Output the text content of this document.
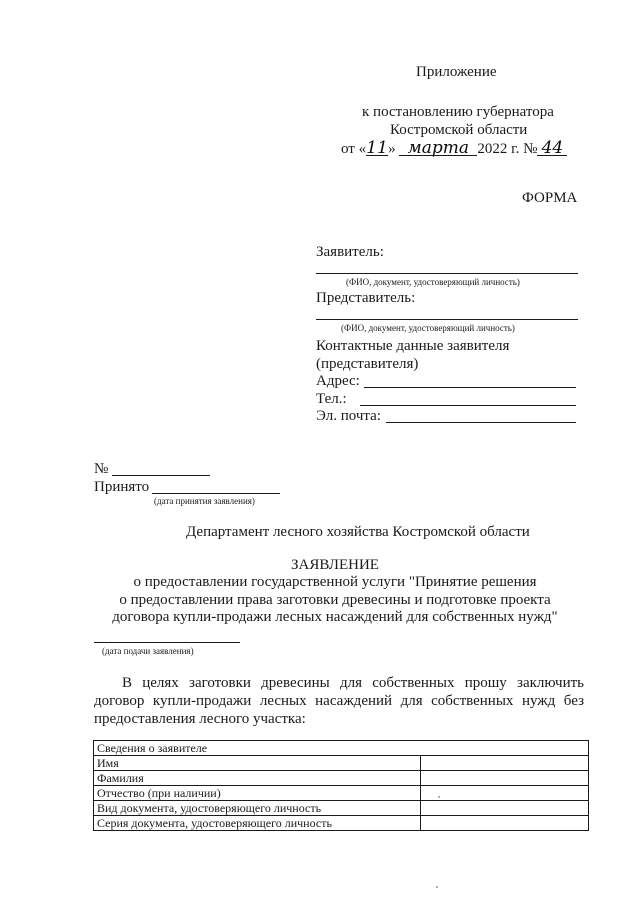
Приложение
к постановлению губернатора
Костромской области
от «11» марта 2022 г. № 44
ФОРМА
Заявитель:
(ФИО, документ, удостоверяющий личность)
Представитель:
(ФИО, документ, удостоверяющий личность)
Контактные данные заявителя
(представителя)
Адрес:
Тел.:
Эл. почта:
№
Принято
(дата принятия заявления)
Департамент лесного хозяйства Костромской области
ЗАЯВЛЕНИЕ
о предоставлении государственной услуги "Принятие решения
о предоставлении права заготовки древесины и подготовке проекта
договора купли-продажи лесных насаждений для собственных нужд"
(дата подачи заявления)
В целях заготовки древесины для собственных прошу заключить договор купли-продажи лесных насаждений для собственных нужд без предоставления лесного участка:
Сведения о заявителе	
Имя	
Фамилия	
Отчество (при наличии)	
Вид документа, удостоверяющего личность	
Серия документа, удостоверяющего личность	
